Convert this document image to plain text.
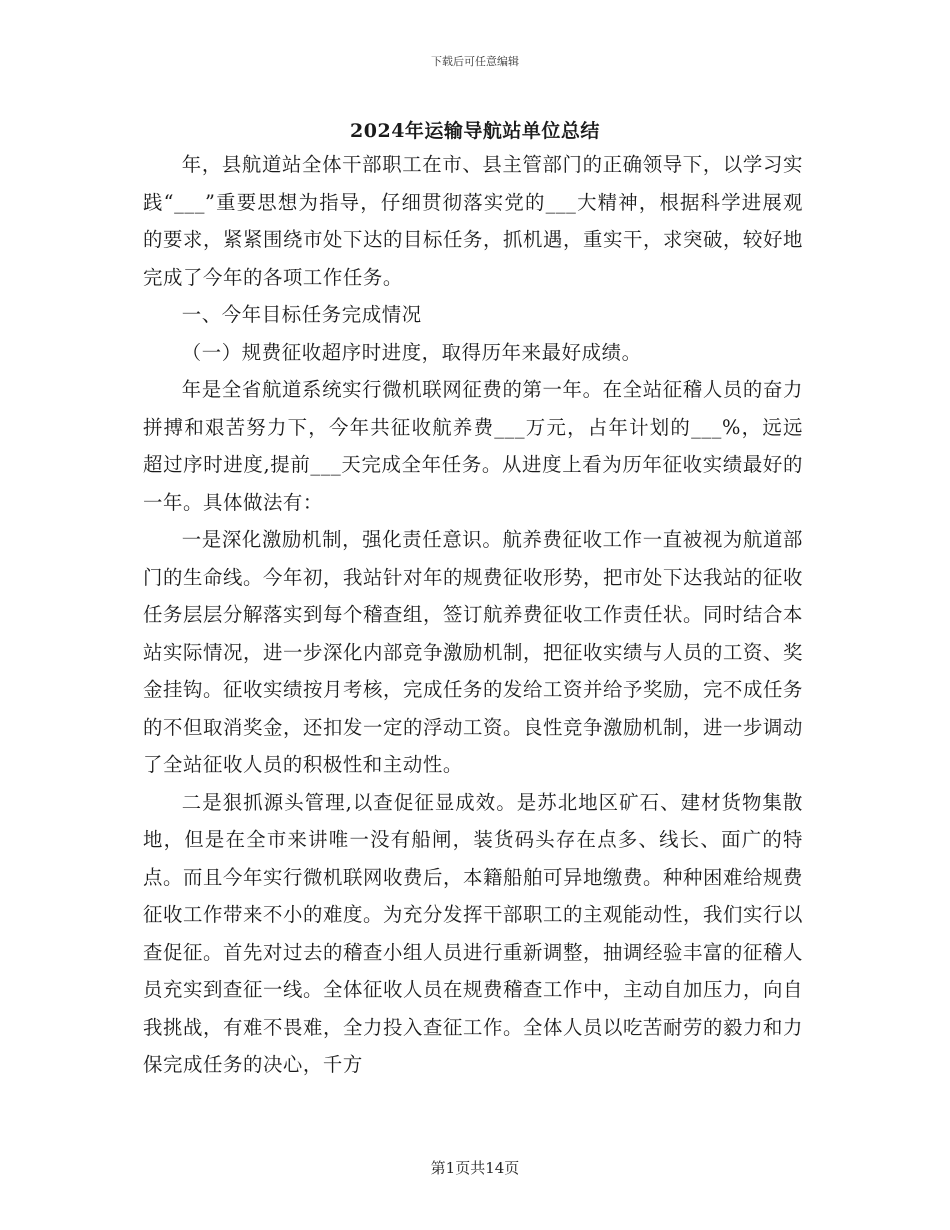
下载后可任意编辑
2024年运输导航站单位总结

年，县航道站全体干部职工在市、县主管部门的正确领导下，以学习实践“___”重要思想为指导，仔细贯彻落实党的___大精神，根据科学进展观的要求，紧紧围绕市处下达的目标任务，抓机遇，重实干，求突破，较好地完成了今年的各项工作任务。

一、今年目标任务完成情况

（一）规费征收超序时进度，取得历年来最好成绩。

年是全省航道系统实行微机联网征费的第一年。在全站征稽人员的奋力拼搏和艰苦努力下，今年共征收航养费___万元，占年计划的___%，远远超过序时进度,提前___天完成全年任务。从进度上看为历年征收实绩最好的一年。具体做法有：

一是深化激励机制，强化责任意识。航养费征收工作一直被视为航道部门的生命线。今年初，我站针对年的规费征收形势，把市处下达我站的征收任务层层分解落实到每个稽查组，签订航养费征收工作责任状。同时结合本站实际情况，进一步深化内部竞争激励机制，把征收实绩与人员的工资、奖金挂钩。征收实绩按月考核，完成任务的发给工资并给予奖励，完不成任务的不但取消奖金，还扣发一定的浮动工资。良性竞争激励机制，进一步调动了全站征收人员的积极性和主动性。

二是狠抓源头管理,以查促征显成效。是苏北地区矿石、建材货物集散地，但是在全市来讲唯一没有船闸，装货码头存在点多、线长、面广的特点。而且今年实行微机联网收费后，本籍船舶可异地缴费。种种困难给规费征收工作带来不小的难度。为充分发挥干部职工的主观能动性，我们实行以查促征。首先对过去的稽查小组人员进行重新调整，抽调经验丰富的征稽人员充实到查征一线。全体征收人员在规费稽查工作中，主动自加压力，向自我挑战，有难不畏难，全力投入查征工作。全体人员以吃苦耐劳的毅力和力保完成任务的决心，千方

第1页共14页
